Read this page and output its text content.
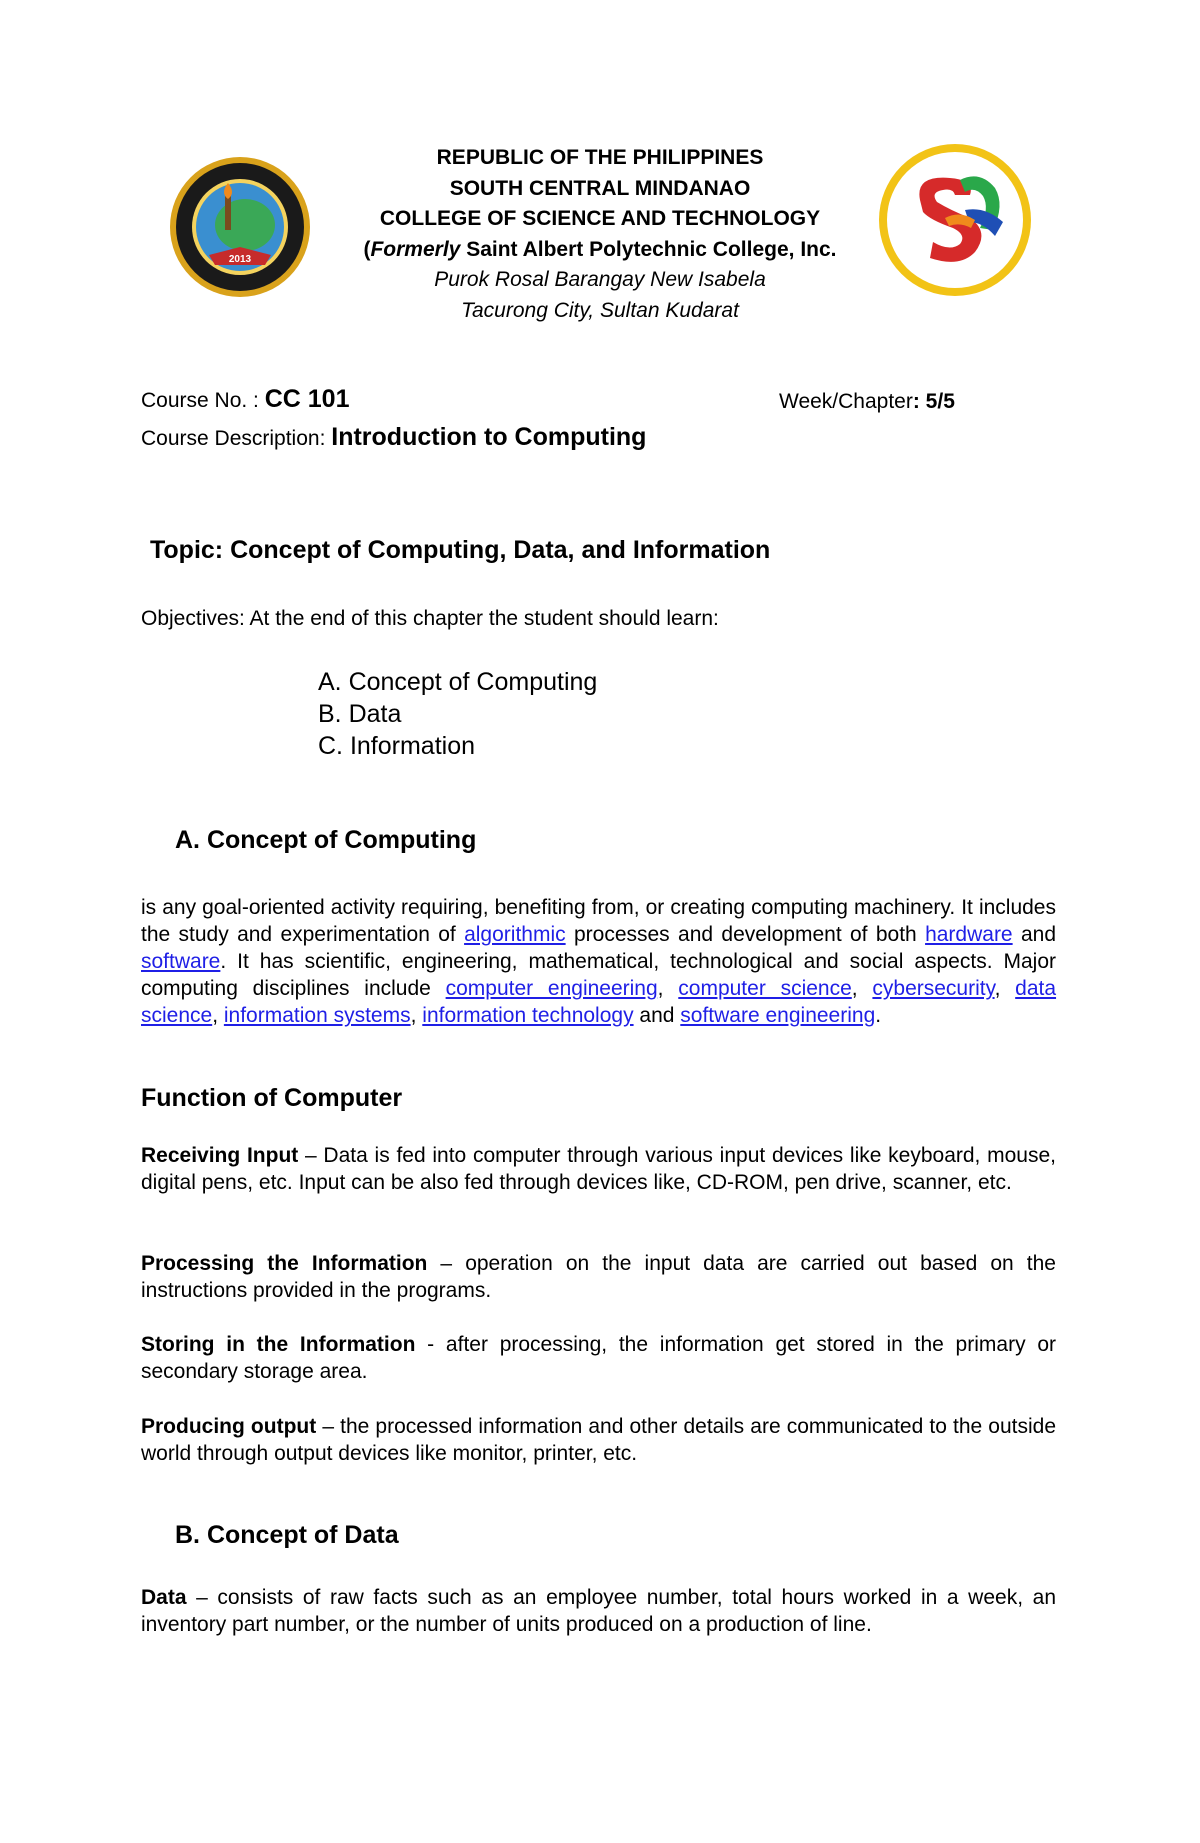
2013
REPUBLIC OF THE PHILIPPINES
SOUTH CENTRAL MINDANAO
COLLEGE OF SCIENCE AND TECHNOLOGY
(Formerly Saint Albert Polytechnic College, Inc.
Purok Rosal Barangay New Isabela
Tacurong City, Sultan Kudarat
Course No. : CC 101	Week/Chapter: 5/5
Course Description: Introduction to Computing
Topic: Concept of Computing, Data, and Information
Objectives: At the end of this chapter the student should learn:
A. Concept of Computing
B. Data
C. Information
A. Concept of Computing
is any goal-oriented activity requiring, benefiting from, or creating computing machinery. It includes the study and experimentation of algorithmic processes and development of both hardware and software. It has scientific, engineering, mathematical, technological and social aspects. Major computing disciplines include computer engineering, computer science, cybersecurity, data science, information systems, information technology and software engineering.
Function of Computer
Receiving Input – Data is fed into computer through various input devices like keyboard, mouse, digital pens, etc. Input can be also fed through devices like, CD-ROM, pen drive, scanner, etc.
Processing the Information – operation on the input data are carried out based on the instructions provided in the programs.
Storing in the Information - after processing, the information get stored in the primary or secondary storage area.
Producing output – the processed information and other details are communicated to the outside world through output devices like monitor, printer, etc.
B. Concept of Data
Data – consists of raw facts such as an employee number, total hours worked in a week, an inventory part number, or the number of units produced on a production of line.
